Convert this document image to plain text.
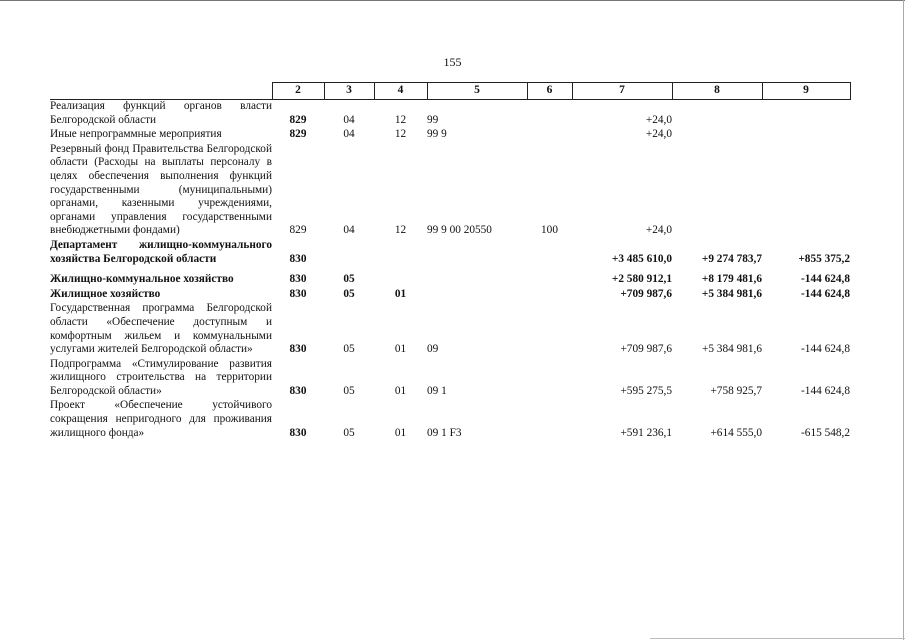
155
	2	3	4	5	6	7	8	9
Реализация функций органов власти Белгородской области	829	04	12	99		+24,0		
Иные непрограммные мероприятия	829	04	12	99 9		+24,0		
Резервный фонд Правительства Белгородской области (Расходы на выплаты персоналу в целях обеспечения выполнения функций государственными (муниципальными) органами, казенными учреждениями, органами управления государственными внебюджетными фондами)	829	04	12	99 9 00 20550	100	+24,0		
Департамент жилищно-коммунального хозяйства Белгородской области	830					+3 485 610,0	+9 274 783,7	+855 375,2
Жилищно-коммунальное хозяйство	830	05				+2 580 912,1	+8 179 481,6	-144 624,8
Жилищное хозяйство	830	05	01			+709 987,6	+5 384 981,6	-144 624,8
Государственная программа Белгородской области «Обеспечение доступным и комфортным жильем и коммунальными услугами жителей Белгородской области»	830	05	01	09		+709 987,6	+5 384 981,6	-144 624,8
Подпрограмма «Стимулирование развития жилищного строительства на территории Белгородской области»	830	05	01	09 1		+595 275,5	+758 925,7	-144 624,8
Проект «Обеспечение устойчивого сокращения непригодного для проживания жилищного фонда»	830	05	01	09 1 F3		+591 236,1	+614 555,0	-615 548,2
